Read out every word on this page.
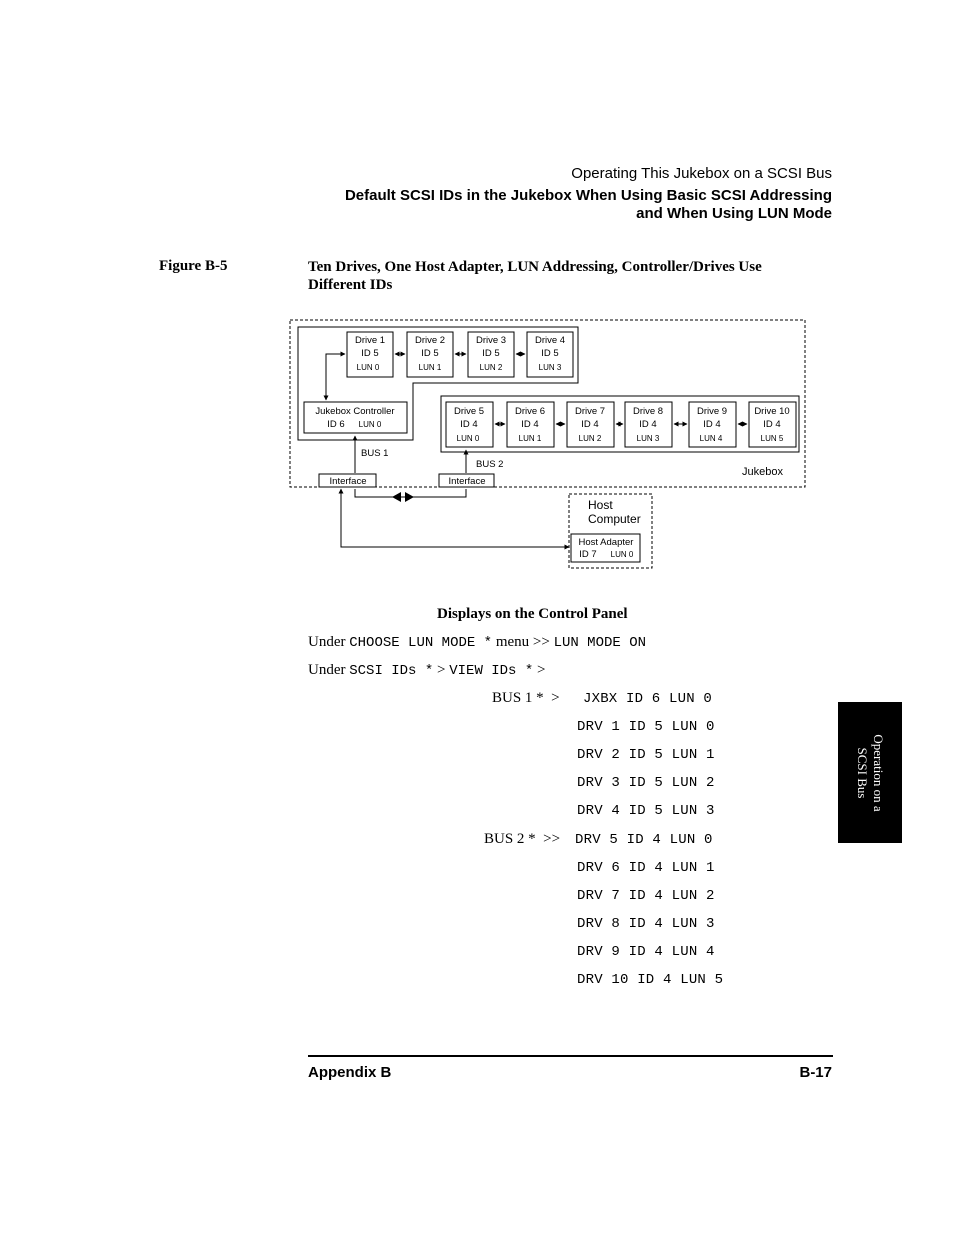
Operating This Jukebox on a SCSI Bus
Default SCSI IDs in the Jukebox When Using Basic SCSI Addressing
and When Using LUN Mode
Figure B-5	Ten Drives, One Host Adapter, LUN Addressing, Controller/Drives Use
Different IDs
Drive 1
ID 5
LUN 0
Drive 2
ID 5
LUN 1
Drive 3
ID 5
LUN 2
Drive 4
ID 5
LUN 3
Jukebox Controller
ID 6 LUN 0
Drive 5
ID 4
LUN 0
Drive 6
ID 4
LUN 1
Drive 7
ID 4
LUN 2
Drive 8
ID 4
LUN 3
Drive 9
ID 4
LUN 4
Drive 10
ID 4
LUN 5
BUS 1
BUS 2
Interface	Interface
Jukebox
Host
Computer
Host Adapter
ID 7 LUN 0
Displays on the Control Panel
Under CHOOSE LUN MODE * menu >> LUN MODE ON
Under SCSI IDs * > VIEW IDs * >
BUS 1 *  > JXBX ID 6 LUN 0
DRV 1 ID 5 LUN 0
DRV 2 ID 5 LUN 1
DRV 3 ID 5 LUN 2
DRV 4 ID 5 LUN 3
BUS 2 *  >> DRV 5 ID 4 LUN 0
DRV 6 ID 4 LUN 1
DRV 7 ID 4 LUN 2
DRV 8 ID 4 LUN 3
DRV 9 ID 4 LUN 4
DRV 10 ID 4 LUN 5
Operation on a
SCSI Bus
Appendix B	B-17
